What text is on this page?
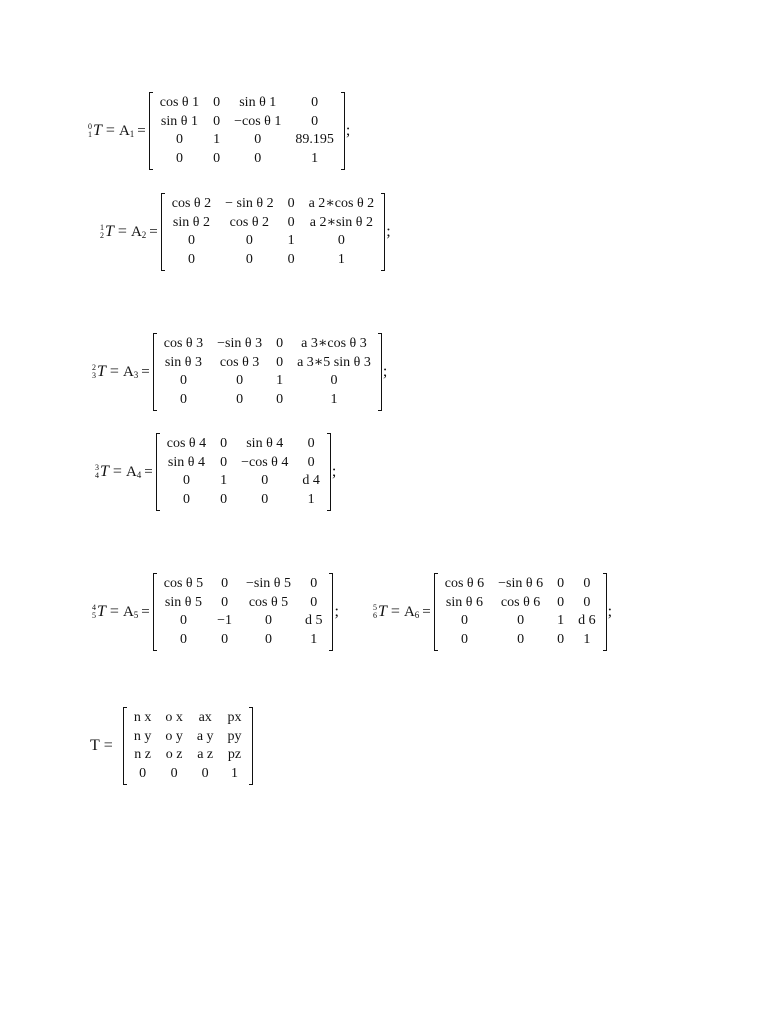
0
1 $T = A_1$ =
cos θ 1	0	sin θ 1	0
sin θ 1	0	−cos θ 1	0
0	1	0	89.195
0	0	0	1
;
1
2 $T = A_2$ =
cos θ 2	− sin θ 2	0	a 2∗cos θ 2
sin θ 2	cos θ 2	0	a 2∗sin θ 2
0	0	1	0
0	0	0	1
;
2
3 $T = A_3$ =
cos θ 3	−sin θ 3	0	a 3∗cos θ 3
sin θ 3	cos θ 3	0	a 3∗5 sin θ 3
0	0	1	0
0	0	0	1
;
3
4 $T = A_4$ =
cos θ 4	0	sin θ 4	0
sin θ 4	0	−cos θ 4	0
0	1	0	d 4
0	0	0	1
;
4
5 $T = A_5$ =
cos θ 5	0	−sin θ 5	0
sin θ 5	0	cos θ 5	0
0	−1	0	d 5
0	0	0	1
;	5
6 $T = A_6$ =
cos θ 6	−sin θ 6	0	0
sin θ 6	cos θ 6	0	0
0	0	1	d 6
0	0	0	1
;
T =
n x	o x	ax	px
n y	o y	a y	py
n z	o z	a z	pz
0	0	0	1
